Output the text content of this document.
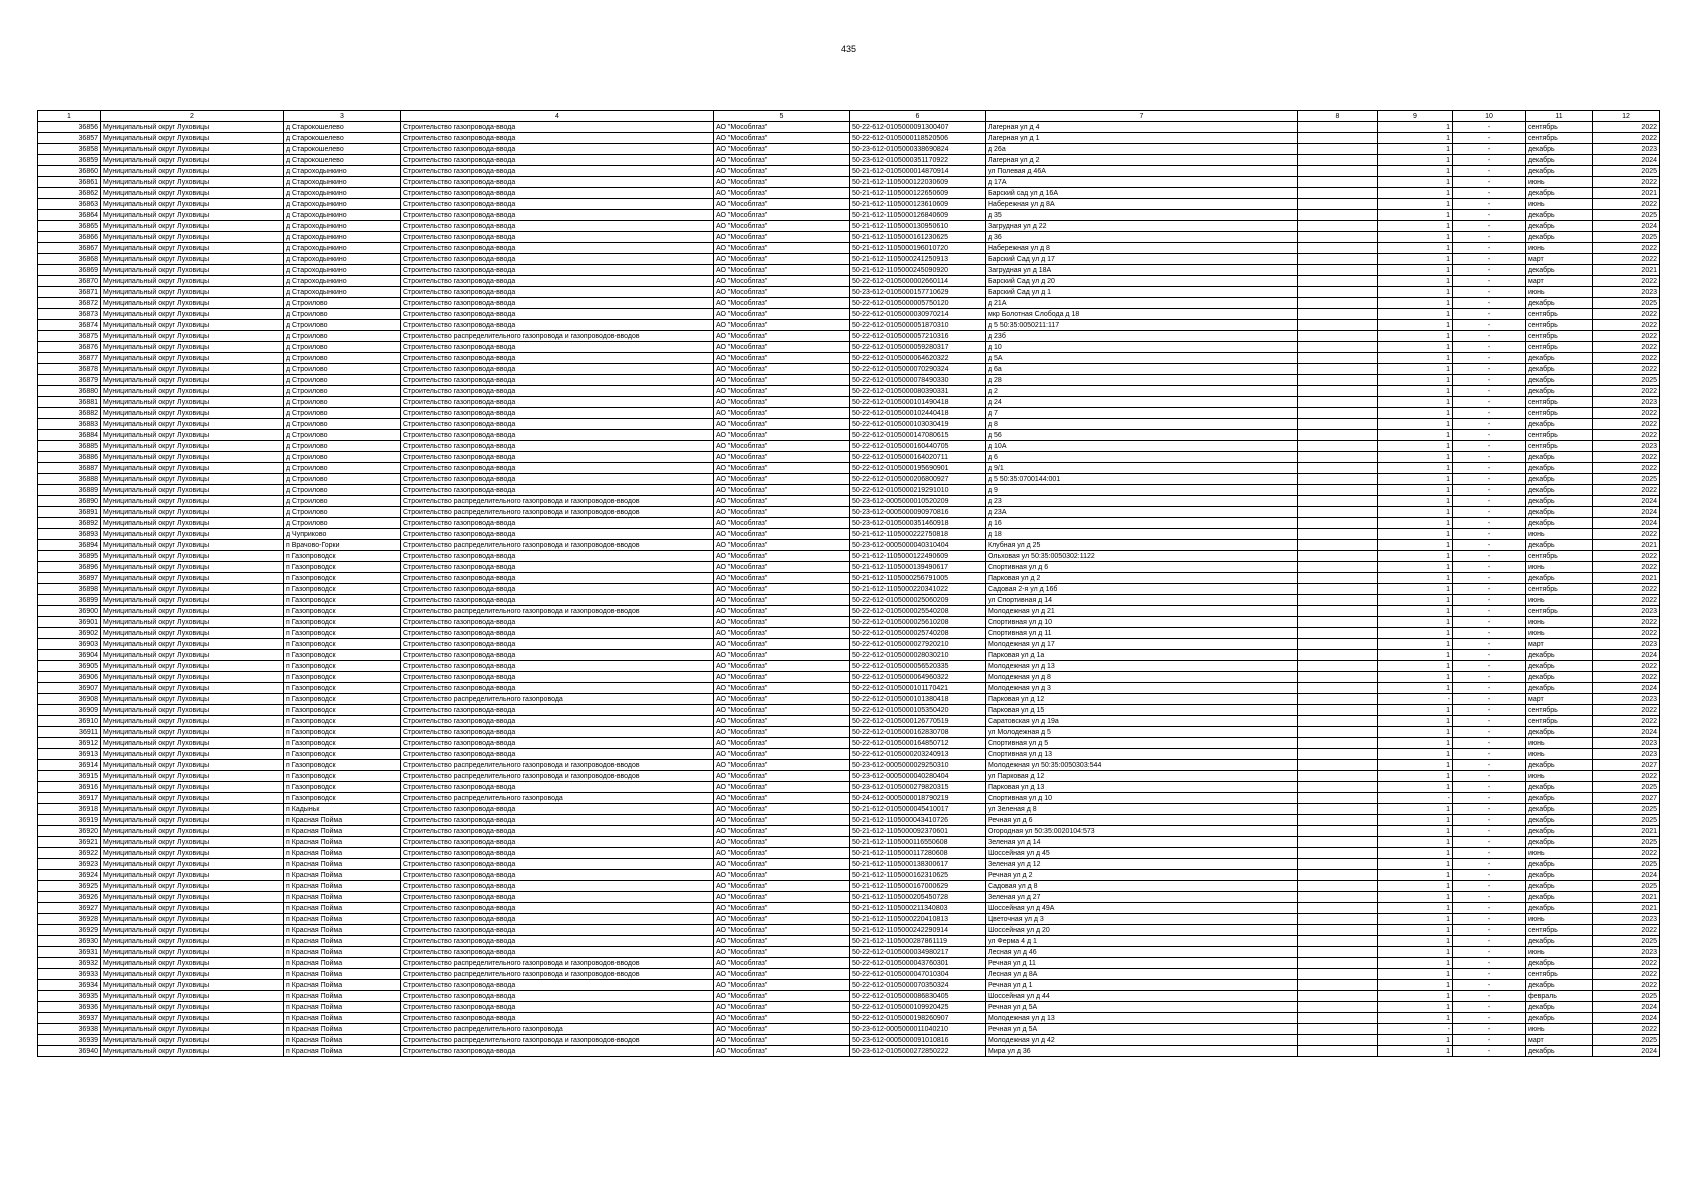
435
1	2	3	4	5	6	7	8	9	10	11	12
36856	Муниципальный округ Луховицы	д Старокошелево	Строительство газопровода-ввода	АО "Мособлгаз"	50-22-612-0105000091300407	Лагерная ул д 4		1	-	сентябрь	2022
36857	Муниципальный округ Луховицы	д Старокошелево	Строительство газопровода-ввода	АО "Мособлгаз"	50-22-612-0105000118520506	Лагерная ул д 1		1	-	сентябрь	2022
36858	Муниципальный округ Луховицы	д Старокошелево	Строительство газопровода-ввода	АО "Мособлгаз"	50-23-612-0105000338690824	д 26а		1	-	декабрь	2023
36859	Муниципальный округ Луховицы	д Старокошелево	Строительство газопровода-ввода	АО "Мособлгаз"	50-23-612-0105000351170922	Лагерная ул д 2		1	-	декабрь	2024
36860	Муниципальный округ Луховицы	д Староходынкино	Строительство газопровода-ввода	АО "Мособлгаз"	50-21-612-0105000014870914	ул Полевая д 46А		1	-	декабрь	2025
36861	Муниципальный округ Луховицы	д Староходынкино	Строительство газопровода-ввода	АО "Мособлгаз"	50-21-612-1105000122030609	д 17А		1	-	июнь	2022
36862	Муниципальный округ Луховицы	д Староходынкино	Строительство газопровода-ввода	АО "Мособлгаз"	50-21-612-1105000122650609	Барский сад ул д 16А		1	-	декабрь	2021
36863	Муниципальный округ Луховицы	д Староходынкино	Строительство газопровода-ввода	АО "Мособлгаз"	50-21-612-1105000123610609	Набережная ул д 8А		1	-	июнь	2022
36864	Муниципальный округ Луховицы	д Староходынкино	Строительство газопровода-ввода	АО "Мособлгаз"	50-21-612-1105000126840609	д 35		1	-	декабрь	2025
36865	Муниципальный округ Луховицы	д Староходынкино	Строительство газопровода-ввода	АО "Мособлгаз"	50-21-612-1105000130950610	Загрудная ул д 22		1	-	декабрь	2024
36866	Муниципальный округ Луховицы	д Староходынкино	Строительство газопровода-ввода	АО "Мособлгаз"	50-21-612-1105000161230625	д 36		1	-	декабрь	2025
36867	Муниципальный округ Луховицы	д Староходынкино	Строительство газопровода-ввода	АО "Мособлгаз"	50-21-612-1105000196010720	Набережная ул д 8		1	-	июнь	2022
36868	Муниципальный округ Луховицы	д Староходынкино	Строительство газопровода-ввода	АО "Мособлгаз"	50-21-612-1105000241250913	Барский Сад ул д 17		1	-	март	2022
36869	Муниципальный округ Луховицы	д Староходынкино	Строительство газопровода-ввода	АО "Мособлгаз"	50-21-612-1105000245090920	Загрудная ул д 18А		1	-	декабрь	2021
36870	Муниципальный округ Луховицы	д Староходынкино	Строительство газопровода-ввода	АО "Мособлгаз"	50-22-612-0105000002660114	Барский Сад ул д 20		1	-	март	2022
36871	Муниципальный округ Луховицы	д Староходынкино	Строительство газопровода-ввода	АО "Мособлгаз"	50-23-612-0105000157710629	Барский Сад ул д 1		1	-	июнь	2023
36872	Муниципальный округ Луховицы	д Строилово	Строительство газопровода-ввода	АО "Мособлгаз"	50-22-612-0105000005750120	д 21А		1	-	декабрь	2025
36873	Муниципальный округ Луховицы	д Строилово	Строительство газопровода-ввода	АО "Мособлгаз"	50-22-612-0105000030970214	мкр Болотная Слобода д 18		1	-	сентябрь	2022
36874	Муниципальный округ Луховицы	д Строилово	Строительство газопровода-ввода	АО "Мособлгаз"	50-22-612-0105000051870310	д 5 50:35:0050211:117		1	-	сентябрь	2022
36875	Муниципальный округ Луховицы	д Строилово	Строительство распределительного газопровода и газопроводов-вводов	АО "Мособлгаз"	50-22-612-0105000057210316	д 23б		1	-	сентябрь	2022
36876	Муниципальный округ Луховицы	д Строилово	Строительство газопровода-ввода	АО "Мособлгаз"	50-22-612-0105000059280317	д 10		1	-	сентябрь	2022
36877	Муниципальный округ Луховицы	д Строилово	Строительство газопровода-ввода	АО "Мособлгаз"	50-22-612-0105000064620322	д 5А		1	-	декабрь	2022
36878	Муниципальный округ Луховицы	д Строилово	Строительство газопровода-ввода	АО "Мособлгаз"	50-22-612-0105000070290324	д 6а		1	-	декабрь	2022
36879	Муниципальный округ Луховицы	д Строилово	Строительство газопровода-ввода	АО "Мособлгаз"	50-22-612-0105000078490330	д 28		1	-	декабрь	2025
36880	Муниципальный округ Луховицы	д Строилово	Строительство газопровода-ввода	АО "Мособлгаз"	50-22-612-0105000080390331	д 2		1	-	декабрь	2022
36881	Муниципальный округ Луховицы	д Строилово	Строительство газопровода-ввода	АО "Мособлгаз"	50-22-612-0105000101490418	д 24		1	-	сентябрь	2023
36882	Муниципальный округ Луховицы	д Строилово	Строительство газопровода-ввода	АО "Мособлгаз"	50-22-612-0105000102440418	д 7		1	-	сентябрь	2022
36883	Муниципальный округ Луховицы	д Строилово	Строительство газопровода-ввода	АО "Мособлгаз"	50-22-612-0105000103030419	д 8		1	-	декабрь	2022
36884	Муниципальный округ Луховицы	д Строилово	Строительство газопровода-ввода	АО "Мособлгаз"	50-22-612-0105000147080615	д 56		1	-	сентябрь	2022
36885	Муниципальный округ Луховицы	д Строилово	Строительство газопровода-ввода	АО "Мособлгаз"	50-22-612-0105000160440705	д 10А		1	-	сентябрь	2023
36886	Муниципальный округ Луховицы	д Строилово	Строительство газопровода-ввода	АО "Мособлгаз"	50-22-612-0105000164020711	д 6		1	-	декабрь	2022
36887	Муниципальный округ Луховицы	д Строилово	Строительство газопровода-ввода	АО "Мособлгаз"	50-22-612-0105000195690901	д 9/1		1	-	декабрь	2022
36888	Муниципальный округ Луховицы	д Строилово	Строительство газопровода-ввода	АО "Мособлгаз"	50-22-612-0105000206800927	д 5 50:35:0700144:001		1	-	декабрь	2025
36889	Муниципальный округ Луховицы	д Строилово	Строительство газопровода-ввода	АО "Мособлгаз"	50-22-612-0105000219291010	д 9		1	-	декабрь	2022
36890	Муниципальный округ Луховицы	д Строилово	Строительство распределительного газопровода и газопроводов-вводов	АО "Мособлгаз"	50-23-612-0005000010520209	д 23		1	-	декабрь	2024
36891	Муниципальный округ Луховицы	д Строилово	Строительство распределительного газопровода и газопроводов-вводов	АО "Мособлгаз"	50-23-612-0005000090970816	д 23А		1	-	декабрь	2024
36892	Муниципальный округ Луховицы	д Строилово	Строительство газопровода-ввода	АО "Мособлгаз"	50-23-612-0105000351460918	д 16		1	-	декабрь	2024
36893	Муниципальный округ Луховицы	д Чуприково	Строительство газопровода-ввода	АО "Мособлгаз"	50-21-612-1105000222750818	д 18		1	-	июнь	2022
36894	Муниципальный округ Луховицы	п Врачово-Горки	Строительство распределительного газопровода и газопроводов-вводов	АО "Мособлгаз"	50-23-612-0005000040310404	Клубная ул д 25		1	-	декабрь	2021
36895	Муниципальный округ Луховицы	п Газопроводск	Строительство газопровода-ввода	АО "Мособлгаз"	50-21-612-1105000122490609	Ольховая ул 50:35:0050302:1122		1	-	сентябрь	2022
36896	Муниципальный округ Луховицы	п Газопроводск	Строительство газопровода-ввода	АО "Мособлгаз"	50-21-612-1105000139490617	Спортивная ул д 6		1	-	июнь	2022
36897	Муниципальный округ Луховицы	п Газопроводск	Строительство газопровода-ввода	АО "Мособлгаз"	50-21-612-1105000256791005	Парковая ул д 2		1	-	декабрь	2021
36898	Муниципальный округ Луховицы	п Газопроводск	Строительство газопровода-ввода	АО "Мособлгаз"	50-21-612-1105000220341022	Садовая 2-я ул д 16б		1	-	сентябрь	2022
36899	Муниципальный округ Луховицы	п Газопроводск	Строительство газопровода-ввода	АО "Мособлгаз"	50-22-612-0105000025060209	ул Спортивная д 14		1	-	июнь	2022
36900	Муниципальный округ Луховицы	п Газопроводск	Строительство распределительного газопровода и газопроводов-вводов	АО "Мособлгаз"	50-22-612-0105000025540208	Молодежная ул д 21		1	-	сентябрь	2023
36901	Муниципальный округ Луховицы	п Газопроводск	Строительство газопровода-ввода	АО "Мособлгаз"	50-22-612-0105000025610208	Спортивная ул д 10		1	-	июнь	2022
36902	Муниципальный округ Луховицы	п Газопроводск	Строительство газопровода-ввода	АО "Мособлгаз"	50-22-612-0105000025740208	Спортивная ул д 11		1	-	июнь	2022
36903	Муниципальный округ Луховицы	п Газопроводск	Строительство газопровода-ввода	АО "Мособлгаз"	50-22-612-0105000027920210	Молодежная ул д 17		1	-	март	2023
36904	Муниципальный округ Луховицы	п Газопроводск	Строительство газопровода-ввода	АО "Мособлгаз"	50-22-612-0105000028030210	Парковая ул д 1а		1	-	декабрь	2024
36905	Муниципальный округ Луховицы	п Газопроводск	Строительство газопровода-ввода	АО "Мособлгаз"	50-22-612-0105000056520335	Молодежная ул д 13		1	-	декабрь	2022
36906	Муниципальный округ Луховицы	п Газопроводск	Строительство газопровода-ввода	АО "Мособлгаз"	50-22-612-0105000064960322	Молодежная ул д 8		1	-	декабрь	2022
36907	Муниципальный округ Луховицы	п Газопроводск	Строительство газопровода-ввода	АО "Мособлгаз"	50-22-612-0105000101170421	Молодежная ул д 3		1	-	декабрь	2024
36908	Муниципальный округ Луховицы	п Газопроводск	Строительство распределительного газопровода	АО "Мособлгаз"	50-22-612-0105000101380418	Парковая ул д 12		-	-	март	2023
36909	Муниципальный округ Луховицы	п Газопроводск	Строительство газопровода-ввода	АО "Мособлгаз"	50-22-612-0105000105350420	Парковая ул д 15		1	-	сентябрь	2022
36910	Муниципальный округ Луховицы	п Газопроводск	Строительство газопровода-ввода	АО "Мособлгаз"	50-22-612-0105000126770519	Саратовская ул д 19а		1	-	сентябрь	2022
36911	Муниципальный округ Луховицы	п Газопроводск	Строительство газопровода-ввода	АО "Мособлгаз"	50-22-612-0105000162830708	ул Молодежная д 5		1	-	декабрь	2024
36912	Муниципальный округ Луховицы	п Газопроводск	Строительство газопровода-ввода	АО "Мособлгаз"	50-22-612-0105000164850712	Спортивная ул д 5		1	-	июнь	2023
36913	Муниципальный округ Луховицы	п Газопроводск	Строительство газопровода-ввода	АО "Мособлгаз"	50-22-612-0105000203240913	Спортивная ул д 13		1	-	июнь	2023
36914	Муниципальный округ Луховицы	п Газопроводск	Строительство распределительного газопровода и газопроводов-вводов	АО "Мособлгаз"	50-23-612-0005000029250310	Молодежная ул 50:35:0050303:544		1	-	декабрь	2027
36915	Муниципальный округ Луховицы	п Газопроводск	Строительство распределительного газопровода и газопроводов-вводов	АО "Мособлгаз"	50-23-612-0005000040280404	ул Парковая д 12		1	-	июнь	2022
36916	Муниципальный округ Луховицы	п Газопроводск	Строительство газопровода-ввода	АО "Мособлгаз"	50-23-612-0105000279820315	Парковая ул д 13		1	-	декабрь	2025
36917	Муниципальный округ Луховицы	п Газопроводск	Строительство распределительного газопровода	АО "Мособлгаз"	50-24-612-0005000018790219	Спортивная ул д 10		-	-	декабрь	2027
36918	Муниципальный округ Луховицы	п Кадыньк	Строительство газопровода-ввода	АО "Мособлгаз"	50-21-612-0105000045410017	ул Зеленая д 8		1	-	декабрь	2025
36919	Муниципальный округ Луховицы	п Красная Пойма	Строительство газопровода-ввода	АО "Мособлгаз"	50-21-612-1105000043410726	Речная ул д 6		1	-	декабрь	2025
36920	Муниципальный округ Луховицы	п Красная Пойма	Строительство газопровода-ввода	АО "Мособлгаз"	50-21-612-1105000092370601	Огородная ул 50:35:0020104:573		1	-	декабрь	2021
36921	Муниципальный округ Луховицы	п Красная Пойма	Строительство газопровода-ввода	АО "Мособлгаз"	50-21-612-1105000116550608	Зеленая ул д 14		1	-	декабрь	2025
36922	Муниципальный округ Луховицы	п Красная Пойма	Строительство газопровода-ввода	АО "Мособлгаз"	50-21-612-1105000117280608	Шоссейная ул д 45		1	-	июнь	2022
36923	Муниципальный округ Луховицы	п Красная Пойма	Строительство газопровода-ввода	АО "Мособлгаз"	50-21-612-1105000138300617	Зеленая ул д 12		1	-	декабрь	2025
36924	Муниципальный округ Луховицы	п Красная Пойма	Строительство газопровода-ввода	АО "Мособлгаз"	50-21-612-1105000162310625	Речная ул д 2		1	-	декабрь	2024
36925	Муниципальный округ Луховицы	п Красная Пойма	Строительство газопровода-ввода	АО "Мособлгаз"	50-21-612-1105000167000629	Садовая ул д 8		1	-	декабрь	2025
36926	Муниципальный округ Луховицы	п Красная Пойма	Строительство газопровода-ввода	АО "Мособлгаз"	50-21-612-1105000205450728	Зеленая ул д 27		1	-	декабрь	2021
36927	Муниципальный округ Луховицы	п Красная Пойма	Строительство газопровода-ввода	АО "Мособлгаз"	50-21-612-1105000211340803	Шоссейная ул д 49А		1	-	декабрь	2021
36928	Муниципальный округ Луховицы	п Красная Пойма	Строительство газопровода-ввода	АО "Мособлгаз"	50-21-612-1105000220410813	Цветочная ул д 3		1	-	июнь	2023
36929	Муниципальный округ Луховицы	п Красная Пойма	Строительство газопровода-ввода	АО "Мособлгаз"	50-21-612-1105000242290914	Шоссейная ул д 20		1	-	сентябрь	2022
36930	Муниципальный округ Луховицы	п Красная Пойма	Строительство газопровода-ввода	АО "Мособлгаз"	50-21-612-1105000287861119	ул Ферма 4 д 1		1	-	декабрь	2025
36931	Муниципальный округ Луховицы	п Красная Пойма	Строительство газопровода-ввода	АО "Мособлгаз"	50-22-612-0105000034980217	Лесная ул д 46		1	-	июнь	2023
36932	Муниципальный округ Луховицы	п Красная Пойма	Строительство распределительного газопровода и газопроводов-вводов	АО "Мособлгаз"	50-22-612-0105000043760301	Речная ул д 11		1	-	декабрь	2022
36933	Муниципальный округ Луховицы	п Красная Пойма	Строительство распределительного газопровода и газопроводов-вводов	АО "Мособлгаз"	50-22-612-0105000047010304	Лесная ул д 8А		1	-	сентябрь	2022
36934	Муниципальный округ Луховицы	п Красная Пойма	Строительство газопровода-ввода	АО "Мособлгаз"	50-22-612-0105000070350324	Речная ул д 1		1	-	декабрь	2022
36935	Муниципальный округ Луховицы	п Красная Пойма	Строительство газопровода-ввода	АО "Мособлгаз"	50-22-612-0105000086830405	Шоссейная ул д 44		1	-	февраль	2025
36936	Муниципальный округ Луховицы	п Красная Пойма	Строительство газопровода-ввода	АО "Мособлгаз"	50-22-612-0105000109920425	Речная ул д 5А		1	-	декабрь	2024
36937	Муниципальный округ Луховицы	п Красная Пойма	Строительство газопровода-ввода	АО "Мособлгаз"	50-22-612-0105000198260907	Молодежная ул д 13		1	-	декабрь	2024
36938	Муниципальный округ Луховицы	п Красная Пойма	Строительство распределительного газопровода	АО "Мособлгаз"	50-23-612-0005000011040210	Речная ул д 5А		-	-	июнь	2022
36939	Муниципальный округ Луховицы	п Красная Пойма	Строительство распределительного газопровода и газопроводов-вводов	АО "Мособлгаз"	50-23-612-0005000091010816	Молодежная ул д 42		1	-	март	2025
36940	Муниципальный округ Луховицы	п Красная Пойма	Строительство газопровода-ввода	АО "Мособлгаз"	50-23-612-0105000272850222	Мира ул д 36		1	-	декабрь	2024
